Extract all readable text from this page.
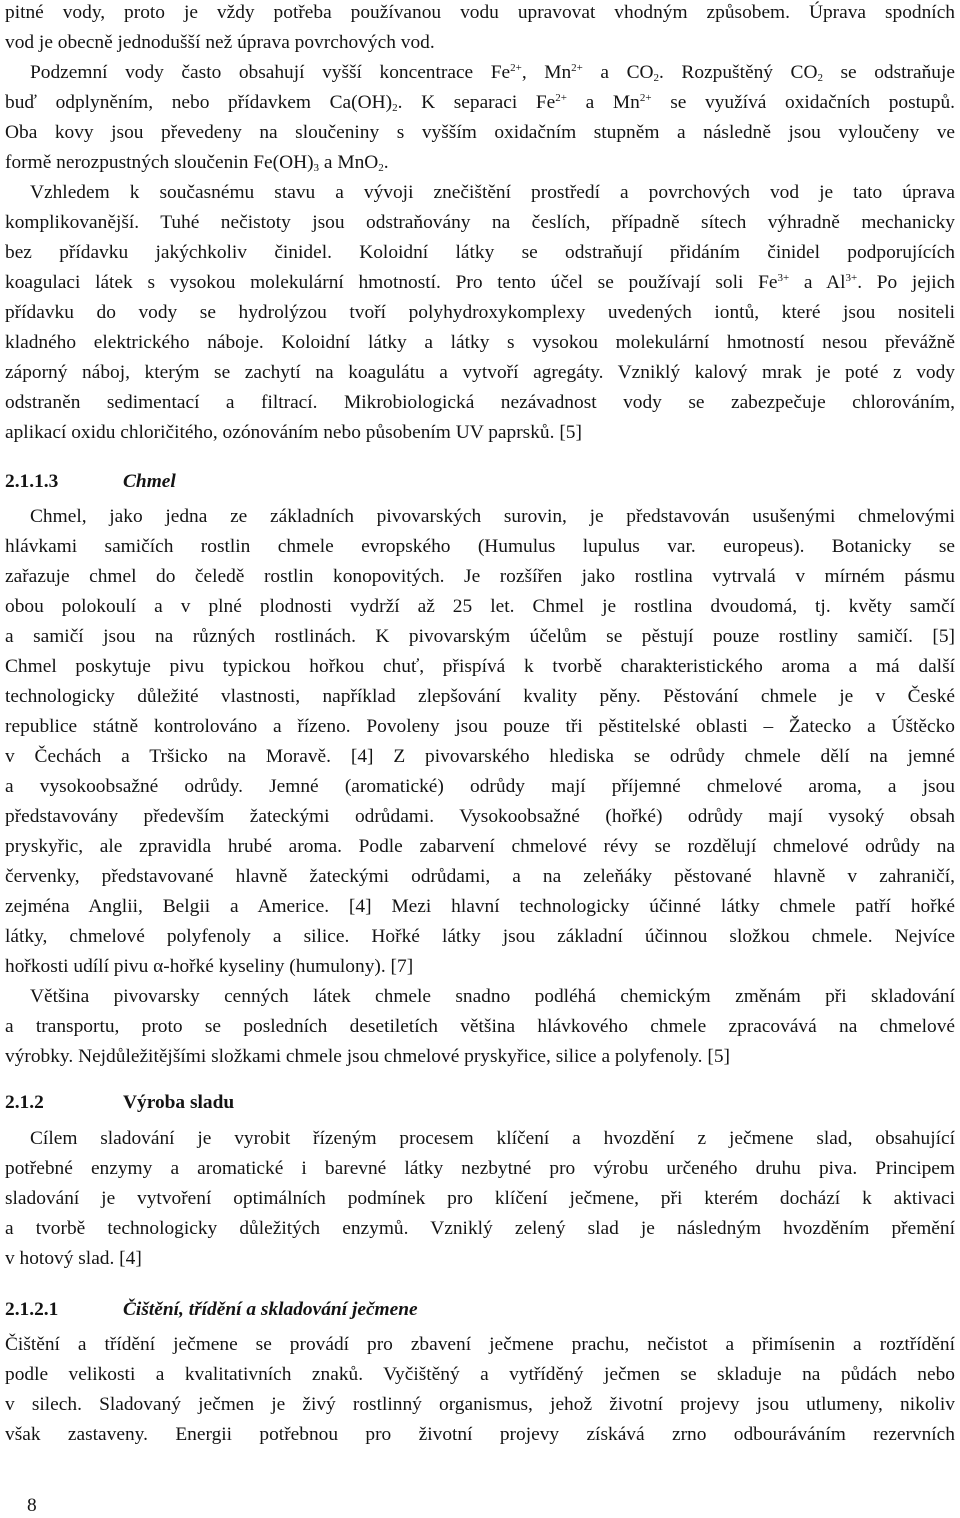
pitné vody, proto je vždy potřeba používanou vodu upravovat vhodným způsobem. Úprava spodních
vod je obecně jednodušší než úprava povrchových vod.
Podzemní vody často obsahují vyšší koncentrace $Fe^{2+}$, $Mn^{2+}$ a $CO_2$. Rozpuštěný $CO_2$ se odstraňuje
buď odplyněním, nebo přídavkem $Ca(OH)_2$. K separaci $Fe^{2+}$ a $Mn^{2+}$ se využívá oxidačních postupů.
Oba kovy jsou převedeny na sloučeniny s vyšším oxidačním stupněm a následně jsou vyloučeny ve
formě nerozpustných sloučenin $Fe(OH)_3$ a MnO$_2$.
Vzhledem k současnému stavu a vývoji znečištění prostředí a povrchových vod je tato úprava
komplikovanější. Tuhé nečistoty jsou odstraňovány na česlích, případně sítech výhradně mechanicky
bez přídavku jakýchkoliv činidel. Koloidní látky se odstraňují přidáním činidel podporujících
koagulaci látek s vysokou molekulární hmotností. Pro tento účel se používají soli $Fe^{3+}$ a $Al^{3+}$. Po jejich
přídavku do vody se hydrolýzou tvoří polyhydroxykomplexy uvedených iontů, které jsou nositeli
kladného elektrického náboje. Koloidní látky a látky s vysokou molekulární hmotností nesou převážně
záporný náboj, kterým se zachytí na koagulátu a vytvoří agregáty. Vzniklý kalový mrak je poté z vody
odstraněn sedimentací a filtrací. Mikrobiologická nezávadnost vody se zabezpečuje chlorováním,
aplikací oxidu chloričitého, ozónováním nebo působením UV paprsků. [5]
Chmel, jako jedna ze základních pivovarských surovin, je představován usušenými chmelovými
hlávkami samičích rostlin chmele evropského (Humulus lupulus var. europeus). Botanicky se
zařazuje chmel do čeledě rostlin konopovitých. Je rozšířen jako rostlina vytrvalá v mírném pásmu
obou polokoulí a v plné plodnosti vydrží až 25 let. Chmel je rostlina dvoudomá, tj. květy samčí
a samičí jsou na různých rostlinách. K pivovarským účelům se pěstují pouze rostliny samičí. [5]
Chmel poskytuje pivu typickou hořkou chuť, přispívá k tvorbě charakteristického aroma a má další
technologicky důležité vlastnosti, například zlepšování kvality pěny. Pěstování chmele je v České
republice státně kontrolováno a řízeno. Povoleny jsou pouze tři pěstitelské oblasti – Žatecko a Úštěcko
v Čechách a Tršicko na Moravě. [4] Z pivovarského hlediska se odrůdy chmele dělí na jemné
a vysokoobsažné odrůdy. Jemné (aromatické) odrůdy mají příjemné chmelové aroma, a jsou
představovány především žateckými odrůdami. Vysokoobsažné (hořké) odrůdy mají vysoký obsah
pryskyřic, ale zpravidla hrubé aroma. Podle zabarvení chmelové révy se rozdělují chmelové odrůdy na
červenky, představované hlavně žateckými odrůdami, a na zeleňáky pěstované hlavně v zahraničí,
zejména Anglii, Belgii a Americe. [4] Mezi hlavní technologicky účinné látky chmele patří hořké
látky, chmelové polyfenoly a silice. Hořké látky jsou základní účinnou složkou chmele. Nejvíce
hořkosti udílí pivu α-hořké kyseliny (humulony). [7]
Většina pivovarsky cenných látek chmele snadno podléhá chemickým změnám při skladování
a transportu, proto se posledních desetiletích většina hlávkového chmele zpracovává na chmelové
výrobky. Nejdůležitějšími složkami chmele jsou chmelové pryskyřice, silice a polyfenoly. [5]
Cílem sladování je vyrobit řízeným procesem klíčení a hvozdění z ječmene slad, obsahující
potřebné enzymy a aromatické i barevné látky nezbytné pro výrobu určeného druhu piva. Principem
sladování je vytvoření optimálních podmínek pro klíčení ječmene, při kterém dochází k aktivaci
a tvorbě technologicky důležitých enzymů. Vzniklý zelený slad je následným hvozděním přemění
v hotový slad. [4]
Čištění a třídění ječmene se provádí pro zbavení ječmene prachu, nečistot a přimísenin a roztřídění
podle velikosti a kvalitativních znaků. Vyčištěný a vytříděný ječmen se skladuje na půdách nebo
v silech. Sladovaný ječmen je živý rostlinný organismus, jehož životní projevy jsou utlumeny, nikoliv
však zastaveny. Energii potřebnou pro životní projevy získává zrno odbouráváním rezervních
2.1.1.3	Chmel
2.1.2	Výroba sladu
2.1.2.1	Čištění, třídění a skladování ječmene
8
